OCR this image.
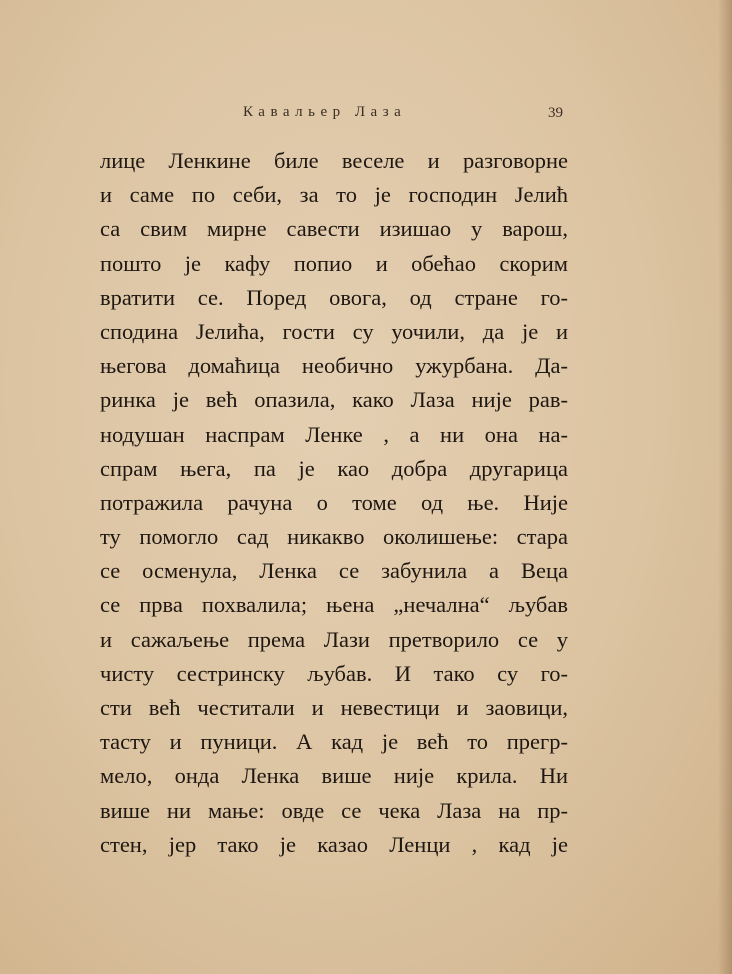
Кавальер Лаза	39
лице Ленкине биле веселе и разговорне
и саме по себи, за то је господин Јелић
са свим мирне савести изишао у варош,
пошто је кафу попио и обећао скорим
вратити се. Поред овога, од стране го-
сподина Јелића, гости су уочили, да је и
његова домаћица необично ужурбана. Да-
ринка је већ опазила, како Лаза није рав-
нодушан наспрам Ленке , а ни она на-
спрам њега, па је као добра другарица
потражила рачуна о томе од ње. Није
ту помогло сад никакво околишење: стара
се осменула, Ленка се забунила а Веца
се прва похвалила; њена „нечална“ љубав
и сажаљење према Лази претворило се у
чисту сестринску љубав. И тако су го-
сти већ честитали и невестици и заовици,
тасту и пуници. А кад је већ то прегр-
мело, онда Ленка више није крила. Ни
више ни мање: овде се чека Лаза на пр-
стен, јер тако је казао Ленци , кад је
